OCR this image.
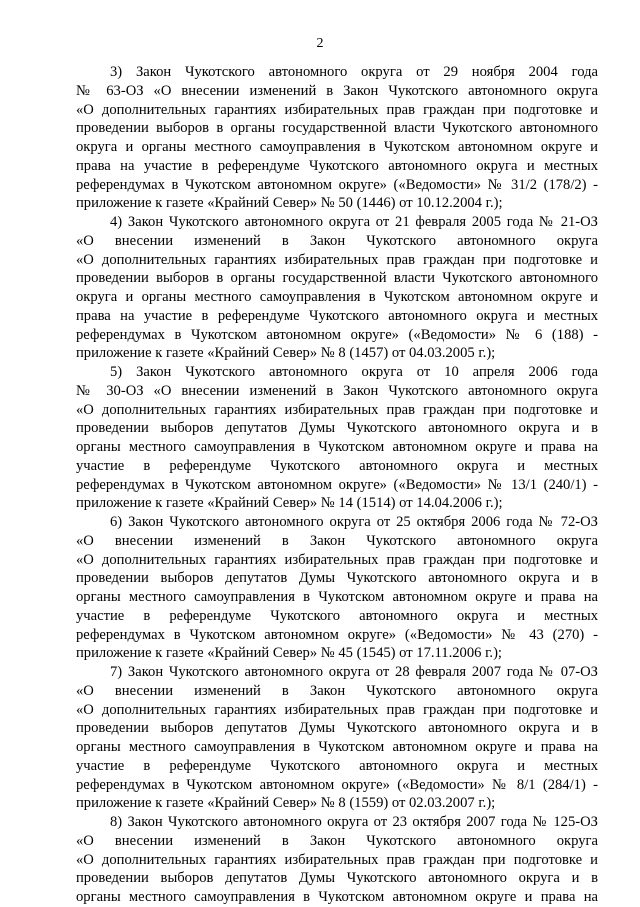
2
3) Закон Чукотского автономного округа от 29 ноября 2004 года
№ 63-ОЗ «О внесении изменений в Закон Чукотского автономного округа
«О дополнительных гарантиях избирательных прав граждан при подготовке и
проведении выборов в органы государственной власти Чукотского автономного
округа и органы местного самоуправления в Чукотском автономном округе и
права на участие в референдуме Чукотского автономного округа и местных
референдумах в Чукотском автономном округе» («Ведомости» № 31/2 (178/2) -
приложение к газете «Крайний Север» № 50 (1446) от 10.12.2004 г.);
4) Закон Чукотского автономного округа от 21 февраля 2005 года № 21-ОЗ
«О внесении изменений в Закон Чукотского автономного округа
«О дополнительных гарантиях избирательных прав граждан при подготовке и
проведении выборов в органы государственной власти Чукотского автономного
округа и органы местного самоуправления в Чукотском автономном округе и
права на участие в референдуме Чукотского автономного округа и местных
референдумах в Чукотском автономном округе» («Ведомости» № 6 (188) -
приложение к газете «Крайний Север» № 8 (1457) от 04.03.2005 г.);
5) Закон Чукотского автономного округа от 10 апреля 2006 года
№ 30-ОЗ «О внесении изменений в Закон Чукотского автономного округа
«О дополнительных гарантиях избирательных прав граждан при подготовке и
проведении выборов депутатов Думы Чукотского автономного округа и в
органы местного самоуправления в Чукотском автономном округе и права на
участие в референдуме Чукотского автономного округа и местных
референдумах в Чукотском автономном округе» («Ведомости» № 13/1 (240/1) -
приложение к газете «Крайний Север» № 14 (1514) от 14.04.2006 г.);
6) Закон Чукотского автономного округа от 25 октября 2006 года № 72-ОЗ
«О внесении изменений в Закон Чукотского автономного округа
«О дополнительных гарантиях избирательных прав граждан при подготовке и
проведении выборов депутатов Думы Чукотского автономного округа и в
органы местного самоуправления в Чукотском автономном округе и права на
участие в референдуме Чукотского автономного округа и местных
референдумах в Чукотском автономном округе» («Ведомости» № 43 (270) -
приложение к газете «Крайний Север» № 45 (1545) от 17.11.2006 г.);
7) Закон Чукотского автономного округа от 28 февраля 2007 года № 07-ОЗ
«О внесении изменений в Закон Чукотского автономного округа
«О дополнительных гарантиях избирательных прав граждан при подготовке и
проведении выборов депутатов Думы Чукотского автономного округа и в
органы местного самоуправления в Чукотском автономном округе и права на
участие в референдуме Чукотского автономного округа и местных
референдумах в Чукотском автономном округе» («Ведомости» № 8/1 (284/1) -
приложение к газете «Крайний Север» № 8 (1559) от 02.03.2007 г.);
8) Закон Чукотского автономного округа от 23 октября 2007 года № 125-ОЗ
«О внесении изменений в Закон Чукотского автономного округа
«О дополнительных гарантиях избирательных прав граждан при подготовке и
проведении выборов депутатов Думы Чукотского автономного округа и в
органы местного самоуправления в Чукотском автономном округе и права на
